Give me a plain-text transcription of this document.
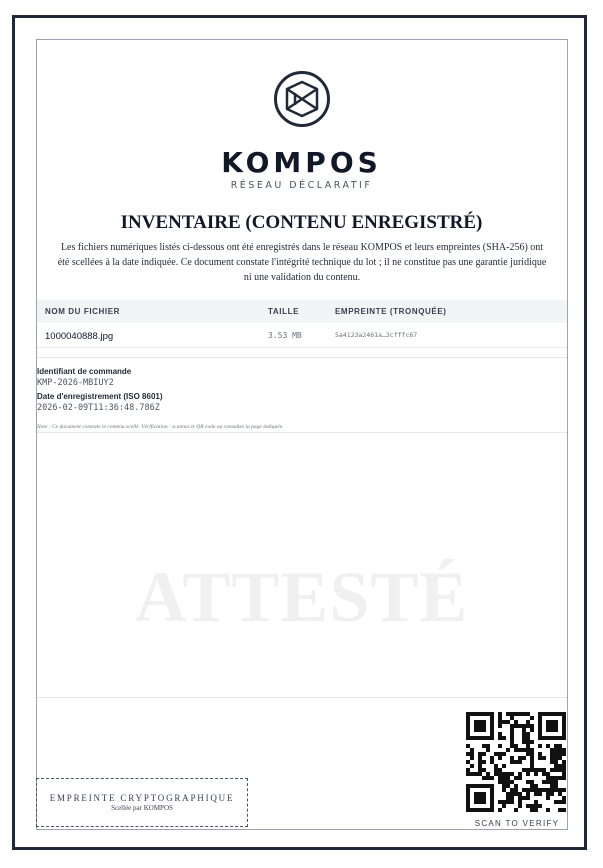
KOMPOS
RÉSEAU DÉCLARATIF
INVENTAIRE (CONTENU ENREGISTRÉ)
Les fichiers numériques listés ci-dessous ont été enregistrés dans le réseau KOMPOS et leurs empreintes (SHA-256) ont été scellées à la date indiquée. Ce document constate l'intégrité technique du lot ; il ne constitue pas une garantie juridique ni une validation du contenu.
NOM DU FICHIER	TAILLE	EMPREINTE (TRONQUÉE)
1000040888.jpg	3.53 MB	5a4123a2461a…3cfffc67
Identifiant de commande
KMP-2026-MBIUY2
Date d'enregistrement (ISO 8601)
2026-02-09T11:36:48.786Z
Note : Ce document constate le contenu scellé. Vérification : scannez le QR code ou consultez la page indiquée.
ATTESTÉ
EMPREINTE CRYPTOGRAPHIQUE
Scellée par KOMPOS
SCAN TO VERIFY
